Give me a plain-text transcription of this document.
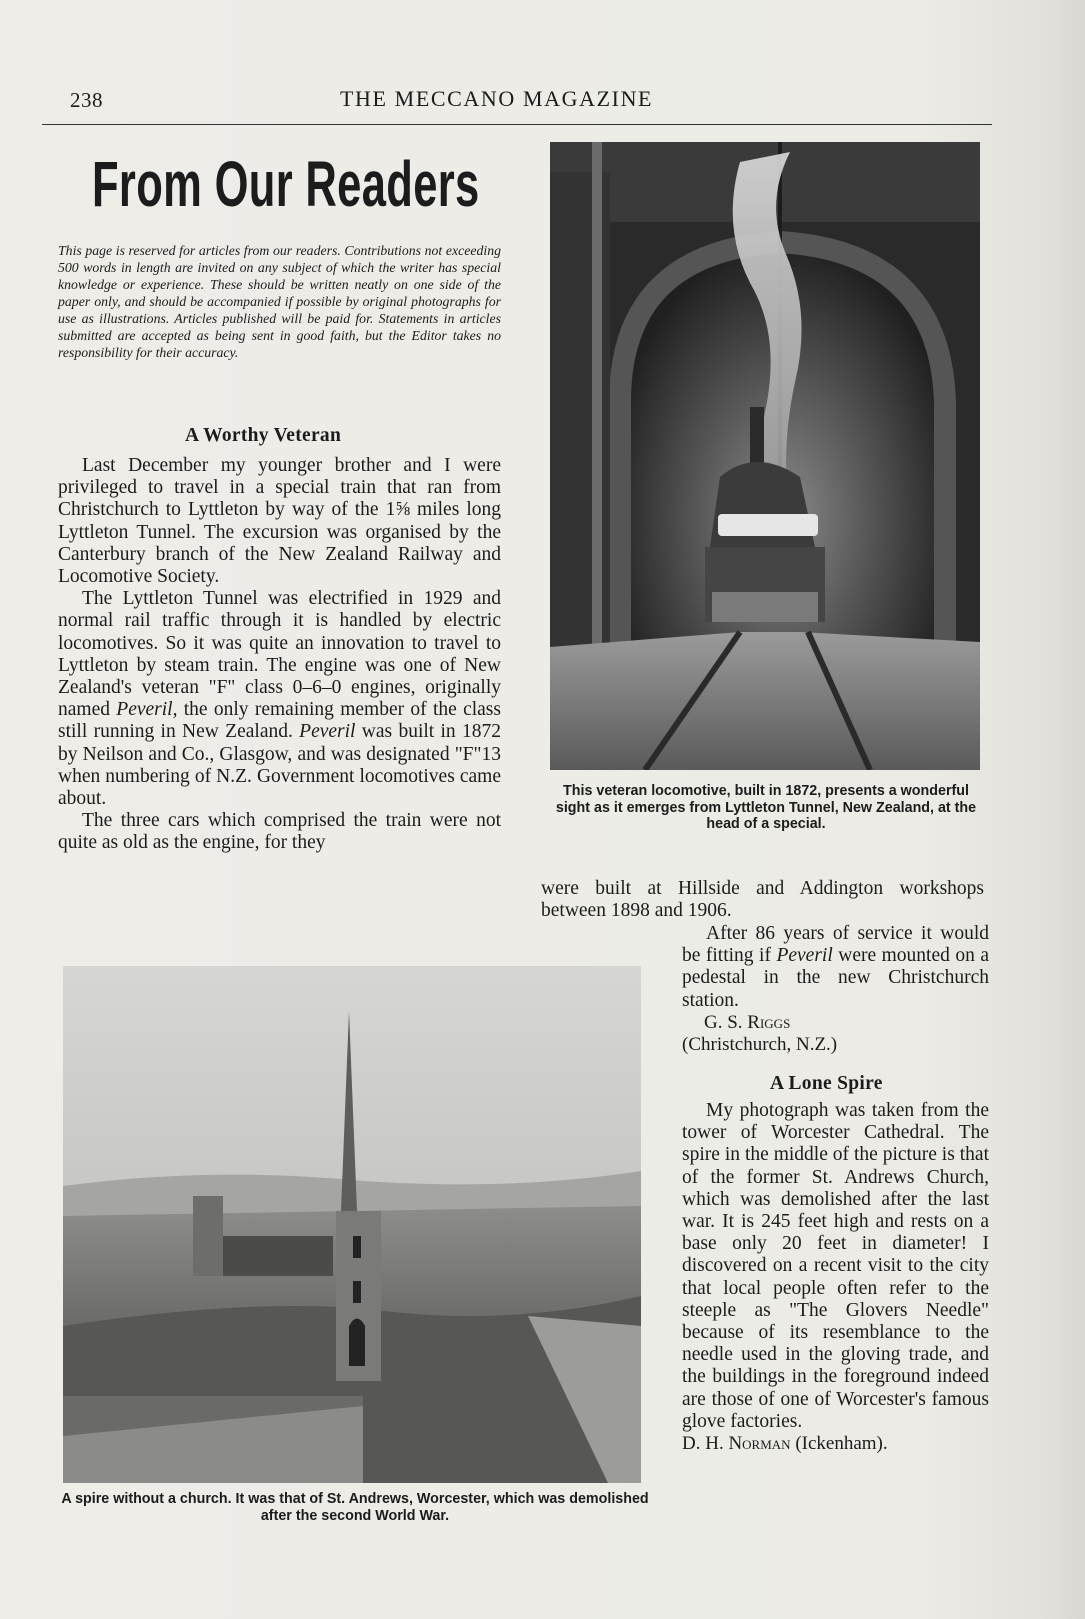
238	THE MECCANO MAGAZINE
From Our Readers
This page is reserved for articles from our readers. Contributions not exceeding 500 words in length are invited on any subject of which the writer has special knowledge or experience. These should be written neatly on one side of the paper only, and should be accompanied if possible by original photographs for use as illustrations. Articles published will be paid for. Statements in articles submitted are accepted as being sent in good faith, but the Editor takes no responsibility for their accuracy.
A Worthy Veteran

Last December my younger brother and I were privileged to travel in a special train that ran from Christchurch to Lyttleton by way of the 1⅝ miles long Lyttleton Tunnel. The excursion was organised by the Canterbury branch of the New Zealand Railway and Locomotive Society.

The Lyttleton Tunnel was electrified in 1929 and normal rail traffic through it is handled by electric locomotives. So it was quite an innovation to travel to Lyttleton by steam train. The engine was one of New Zealand's veteran "F" class 0–6–0 engines, originally named Peveril, the only remaining member of the class still running in New Zealand. Peveril was built in 1872 by Neilson and Co., Glasgow, and was designated "F"13 when numbering of N.Z. Government locomotives came about.

The three cars which comprised the train were not quite as old as the engine, for they

were built at Hillside and Addington workshops between 1898 and 1906.

After 86 years of service it would be fitting if Peveril were mounted on a pedestal in the new Christchurch station.

G. S. Riggs

(Christchurch, N.Z.)

A Lone Spire

My photograph was taken from the tower of Worcester Cathedral. The spire in the middle of the picture is that of the former St. Andrews Church, which was demolished after the last war. It is 245 feet high and rests on a base only 20 feet in diameter! I discovered on a recent visit to the city that local people often refer to the steeple as "The Glovers Needle" because of its resemblance to the needle used in the gloving trade, and the buildings in the foreground indeed are those of one of Worcester's famous glove factories.

D. H. Norman (Ickenham).

This veteran locomotive, built in 1872, presents a wonderful sight as it emerges from Lyttleton Tunnel, New Zealand, at the head of a special.
A spire without a church. It was that of St. Andrews, Worcester, which was demolished after the second World War.
